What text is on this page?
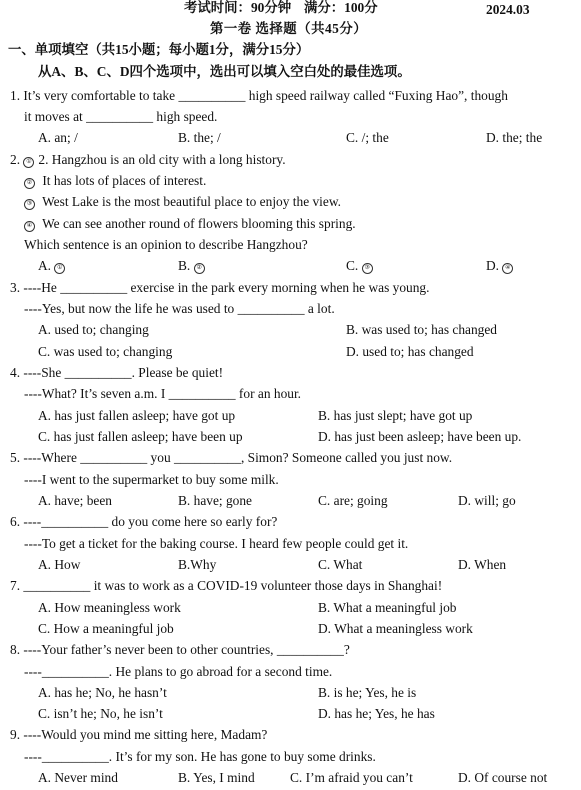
考试时间：90分钟 满分：100分	2024.03
第一卷 选择题（共45分）
一、单项填空（共15小题；每小题1分，满分15分）
从A、B、C、D四个选项中，选出可以填入空白处的最佳选项。
1. It’s very comfortable to take __________ high speed railway called “Fuxing Hao”, though
it moves at __________ high speed.
A. an; /	B. the; /	C. /; the	D. the; the
2. ① 2. Hangzhou is an old city with a long history.
② It has lots of places of interest.
③ West Lake is the most beautiful place to enjoy the view.
④ We can see another round of flowers blooming this spring.
Which sentence is an opinion to describe Hangzhou?
A. ①	B. ②	C. ③	D. ④
3. ----He __________ exercise in the park every morning when he was young.
----Yes, but now the life he was used to __________ a lot.
A. used to; changing	B. was used to; has changed
C. was used to; changing	D. used to; has changed
4. ----She __________. Please be quiet!
----What? It’s seven a.m. I __________ for an hour.
A. has just fallen asleep; have got up	B. has just slept; have got up
C. has just fallen asleep; have been up	D. has just been asleep; have been up.
5. ----Where __________ you __________, Simon? Someone called you just now.
----I went to the supermarket to buy some milk.
A. have; been	B. have; gone	C. are; going	D. will; go
6. ----__________ do you come here so early for?
----To get a ticket for the baking course. I heard few people could get it.
A. How	B.Why	C. What	D. When
7. __________ it was to work as a COVID-19 volunteer those days in Shanghai!
A. How meaningless work	B. What a meaningful job
C. How a meaningful job	D. What a meaningless work
8. ----Your father’s never been to other countries, __________?
----__________. He plans to go abroad for a second time.
A. has he; No, he hasn’t	B. is he; Yes, he is
C. isn’t he; No, he isn’t	D. has he; Yes, he has
9. ----Would you mind me sitting here, Madam?
----__________. It’s for my son. He has gone to buy some drinks.
A. Never mind	B. Yes, I mind	C. I’m afraid you can’t	D. Of course not
